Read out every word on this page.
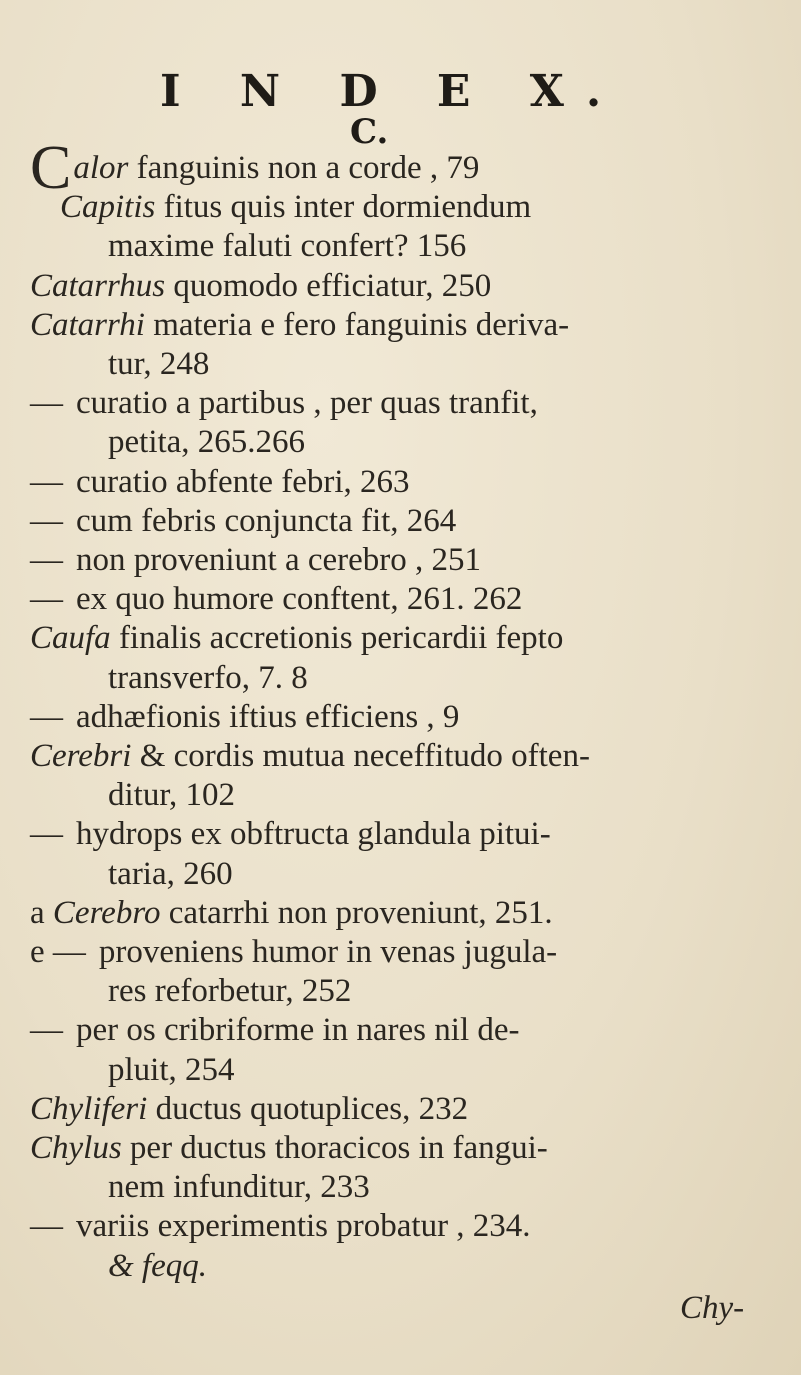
I N D E X.
C.
Calor fanguinis non a corde , 79
Capitis fitus quis inter dormiendum
maxime faluti confert? 156
Catarrhus quomodo efficiatur, 250
Catarrhi materia e fero fanguinis deriva-
tur, 248
— curatio a partibus , per quas tranfit,
petita, 265.266
— curatio abfente febri, 263
— cum febris conjuncta fit, 264
— non proveniunt a cerebro , 251
— ex quo humore conftent, 261. 262
Caufa finalis accretionis pericardii fepto
transverfo, 7. 8
— adhæfionis iftius efficiens , 9
Cerebri & cordis mutua neceffitudo often-
ditur, 102
— hydrops ex obftructa glandula pitui-
taria, 260
a Cerebro catarrhi non proveniunt, 251.
e — proveniens humor in venas jugula-
res reforbetur, 252
— per os cribriforme in nares nil de-
pluit, 254
Chyliferi ductus quotuplices, 232
Chylus per ductus thoracicos in fangui-
nem infunditur, 233
— variis experimentis probatur , 234.
& feqq.
Chy-
